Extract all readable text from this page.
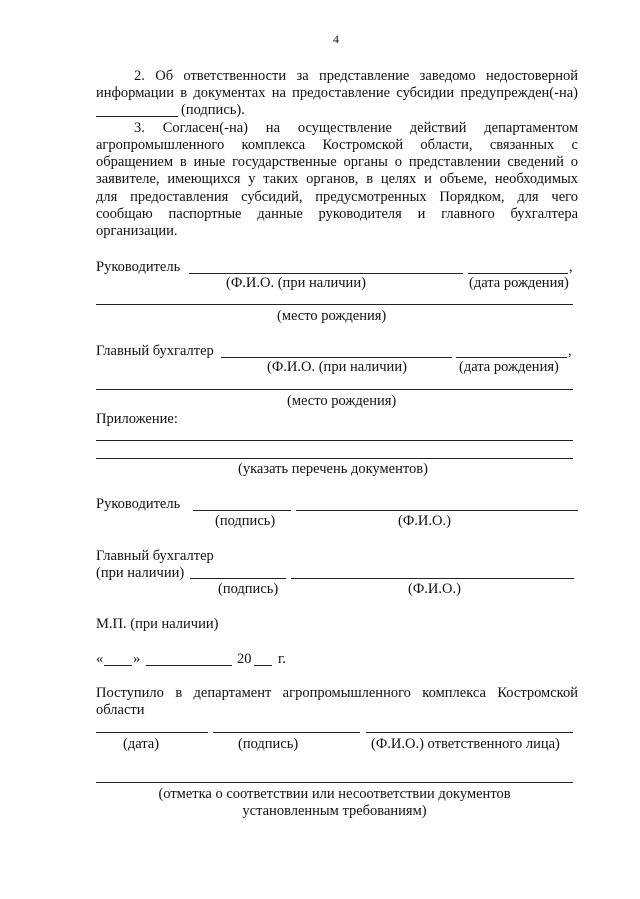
4
2. Об ответственности за представление заведомо недостоверной
информации в документах на предоставление субсидии предупрежден(-на)
(подпись).
3. Согласен(-на) на осуществление действий департаментом
агропромышленного комплекса Костромской области, связанных с
обращением в иные государственные органы о представлении сведений о
заявителе, имеющихся у таких органов, в целях и объеме, необходимых
для предоставления субсидий, предусмотренных Порядком, для чего
сообщаю паспортные данные руководителя и главного бухгалтера
организации.
Руководитель	,
(Ф.И.О. (при наличии)	(дата рождения)
(место рождения)
Главный бухгалтер	,
(Ф.И.О. (при наличии)	(дата рождения)
(место рождения)
Приложение:
(указать перечень документов)
Руководитель
(подпись)	(Ф.И.О.)
Главный бухгалтер
(при наличии)
(подпись)	(Ф.И.О.)
М.П. (при наличии)
« »	20 г.
Поступило в департамент агропромышленного комплекса Костромской
области
(дата)	(подпись)	(Ф.И.О.) ответственного лица)
(отметка о соответствии или несоответствии документов
установленным требованиям)
